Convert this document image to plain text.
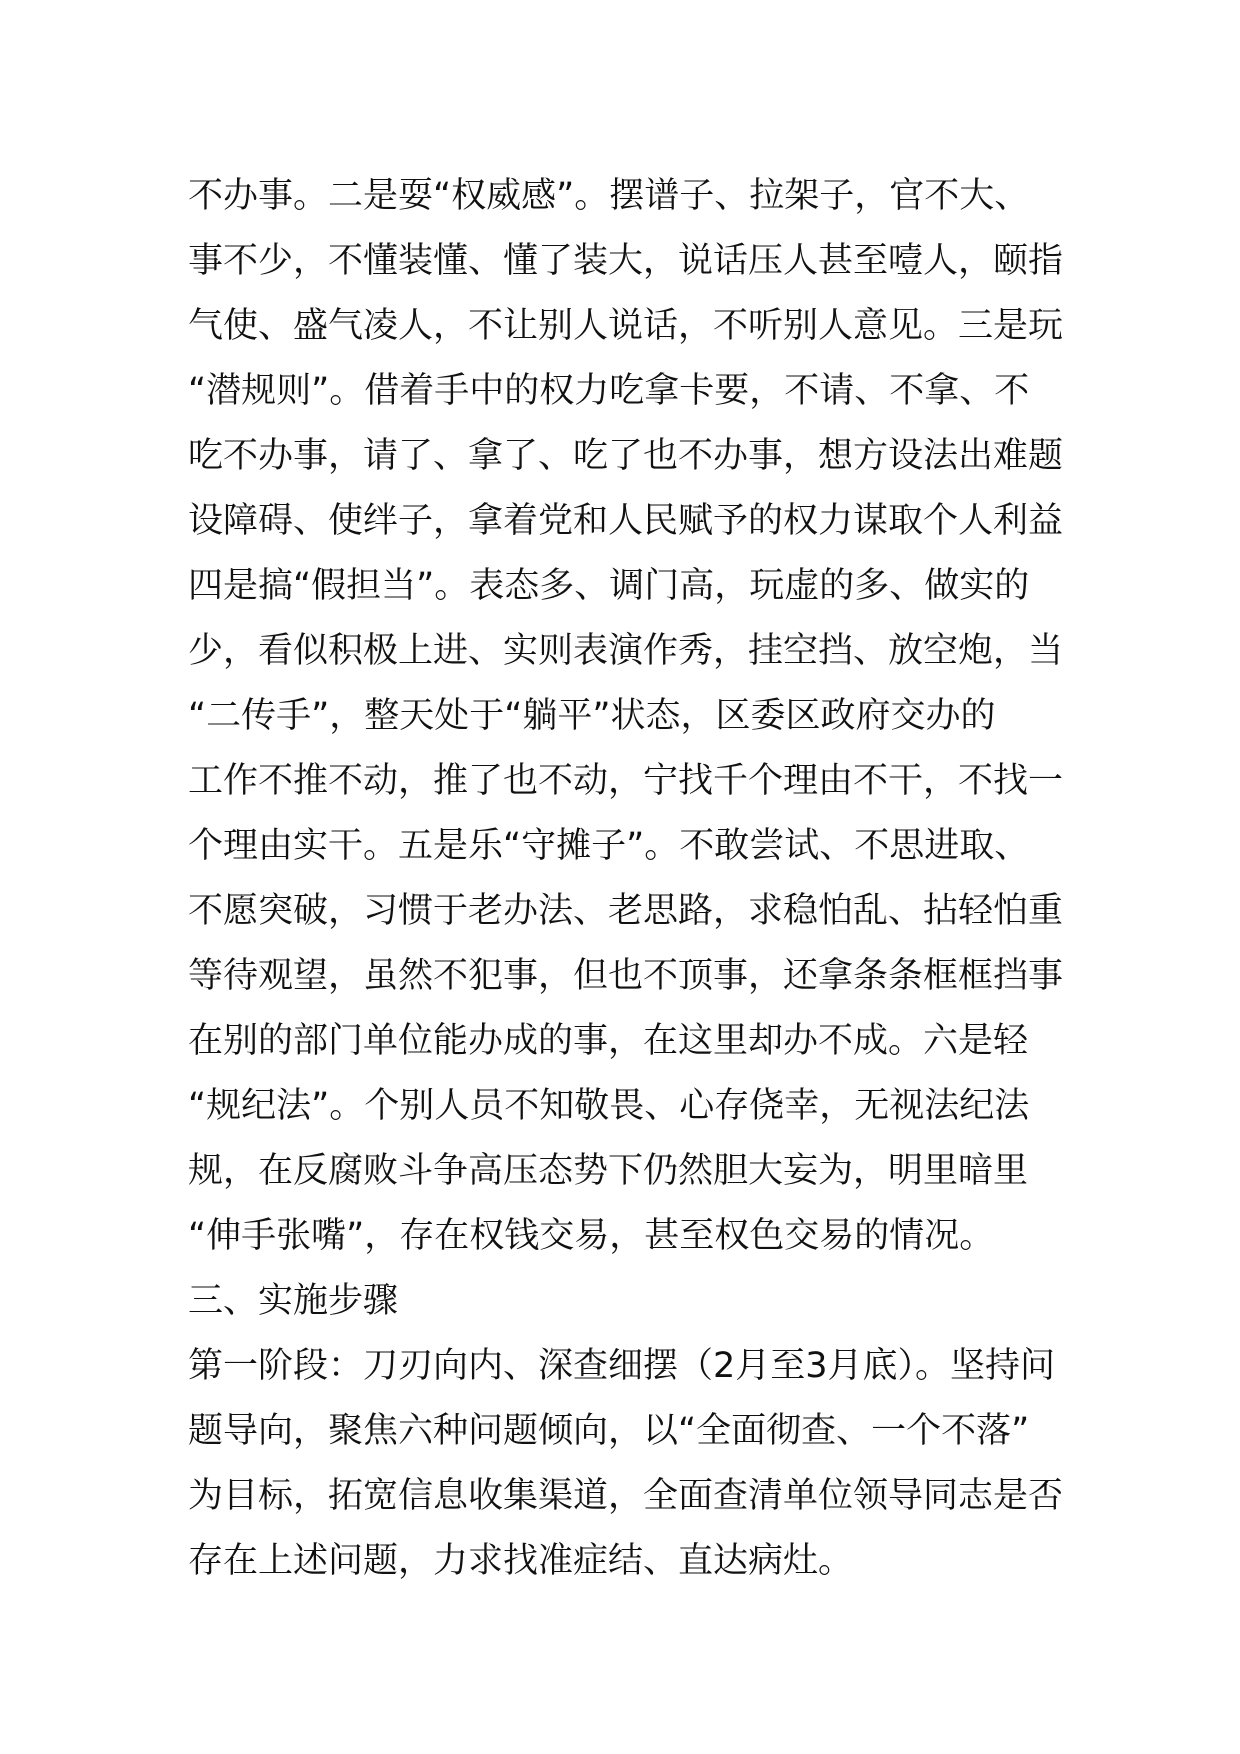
不办事。二是耍“权威感”。摆谱子、拉架子，官不大、
事不少，不懂装懂、懂了装大，说话压人甚至噎人，颐指
气使、盛气凌人，不让别人说话，不听别人意见。三是玩
“潜规则”。借着手中的权力吃拿卡要，不请、不拿、不
吃不办事，请了、拿了、吃了也不办事，想方设法出难题
设障碍、使绊子，拿着党和人民赋予的权力谋取个人利益
四是搞“假担当”。表态多、调门高，玩虚的多、做实的
少，看似积极上进、实则表演作秀，挂空挡、放空炮，当
“二传手”，整天处于“躺平”状态，区委区政府交办的
工作不推不动，推了也不动，宁找千个理由不干，不找一
个理由实干。五是乐“守摊子”。不敢尝试、不思进取、
不愿突破，习惯于老办法、老思路，求稳怕乱、拈轻怕重
等待观望，虽然不犯事，但也不顶事，还拿条条框框挡事
在别的部门单位能办成的事，在这里却办不成。六是轻
“规纪法”。个别人员不知敬畏、心存侥幸，无视法纪法
规，在反腐败斗争高压态势下仍然胆大妄为，明里暗里
“伸手张嘴”，存在权钱交易，甚至权色交易的情况。
三、实施步骤
第一阶段：刀刃向内、深查细摆（2月至3月底）。坚持问
题导向，聚焦六种问题倾向，以“全面彻查、一个不落”
为目标，拓宽信息收集渠道，全面查清单位领导同志是否
存在上述问题，力求找准症结、直达病灶。
